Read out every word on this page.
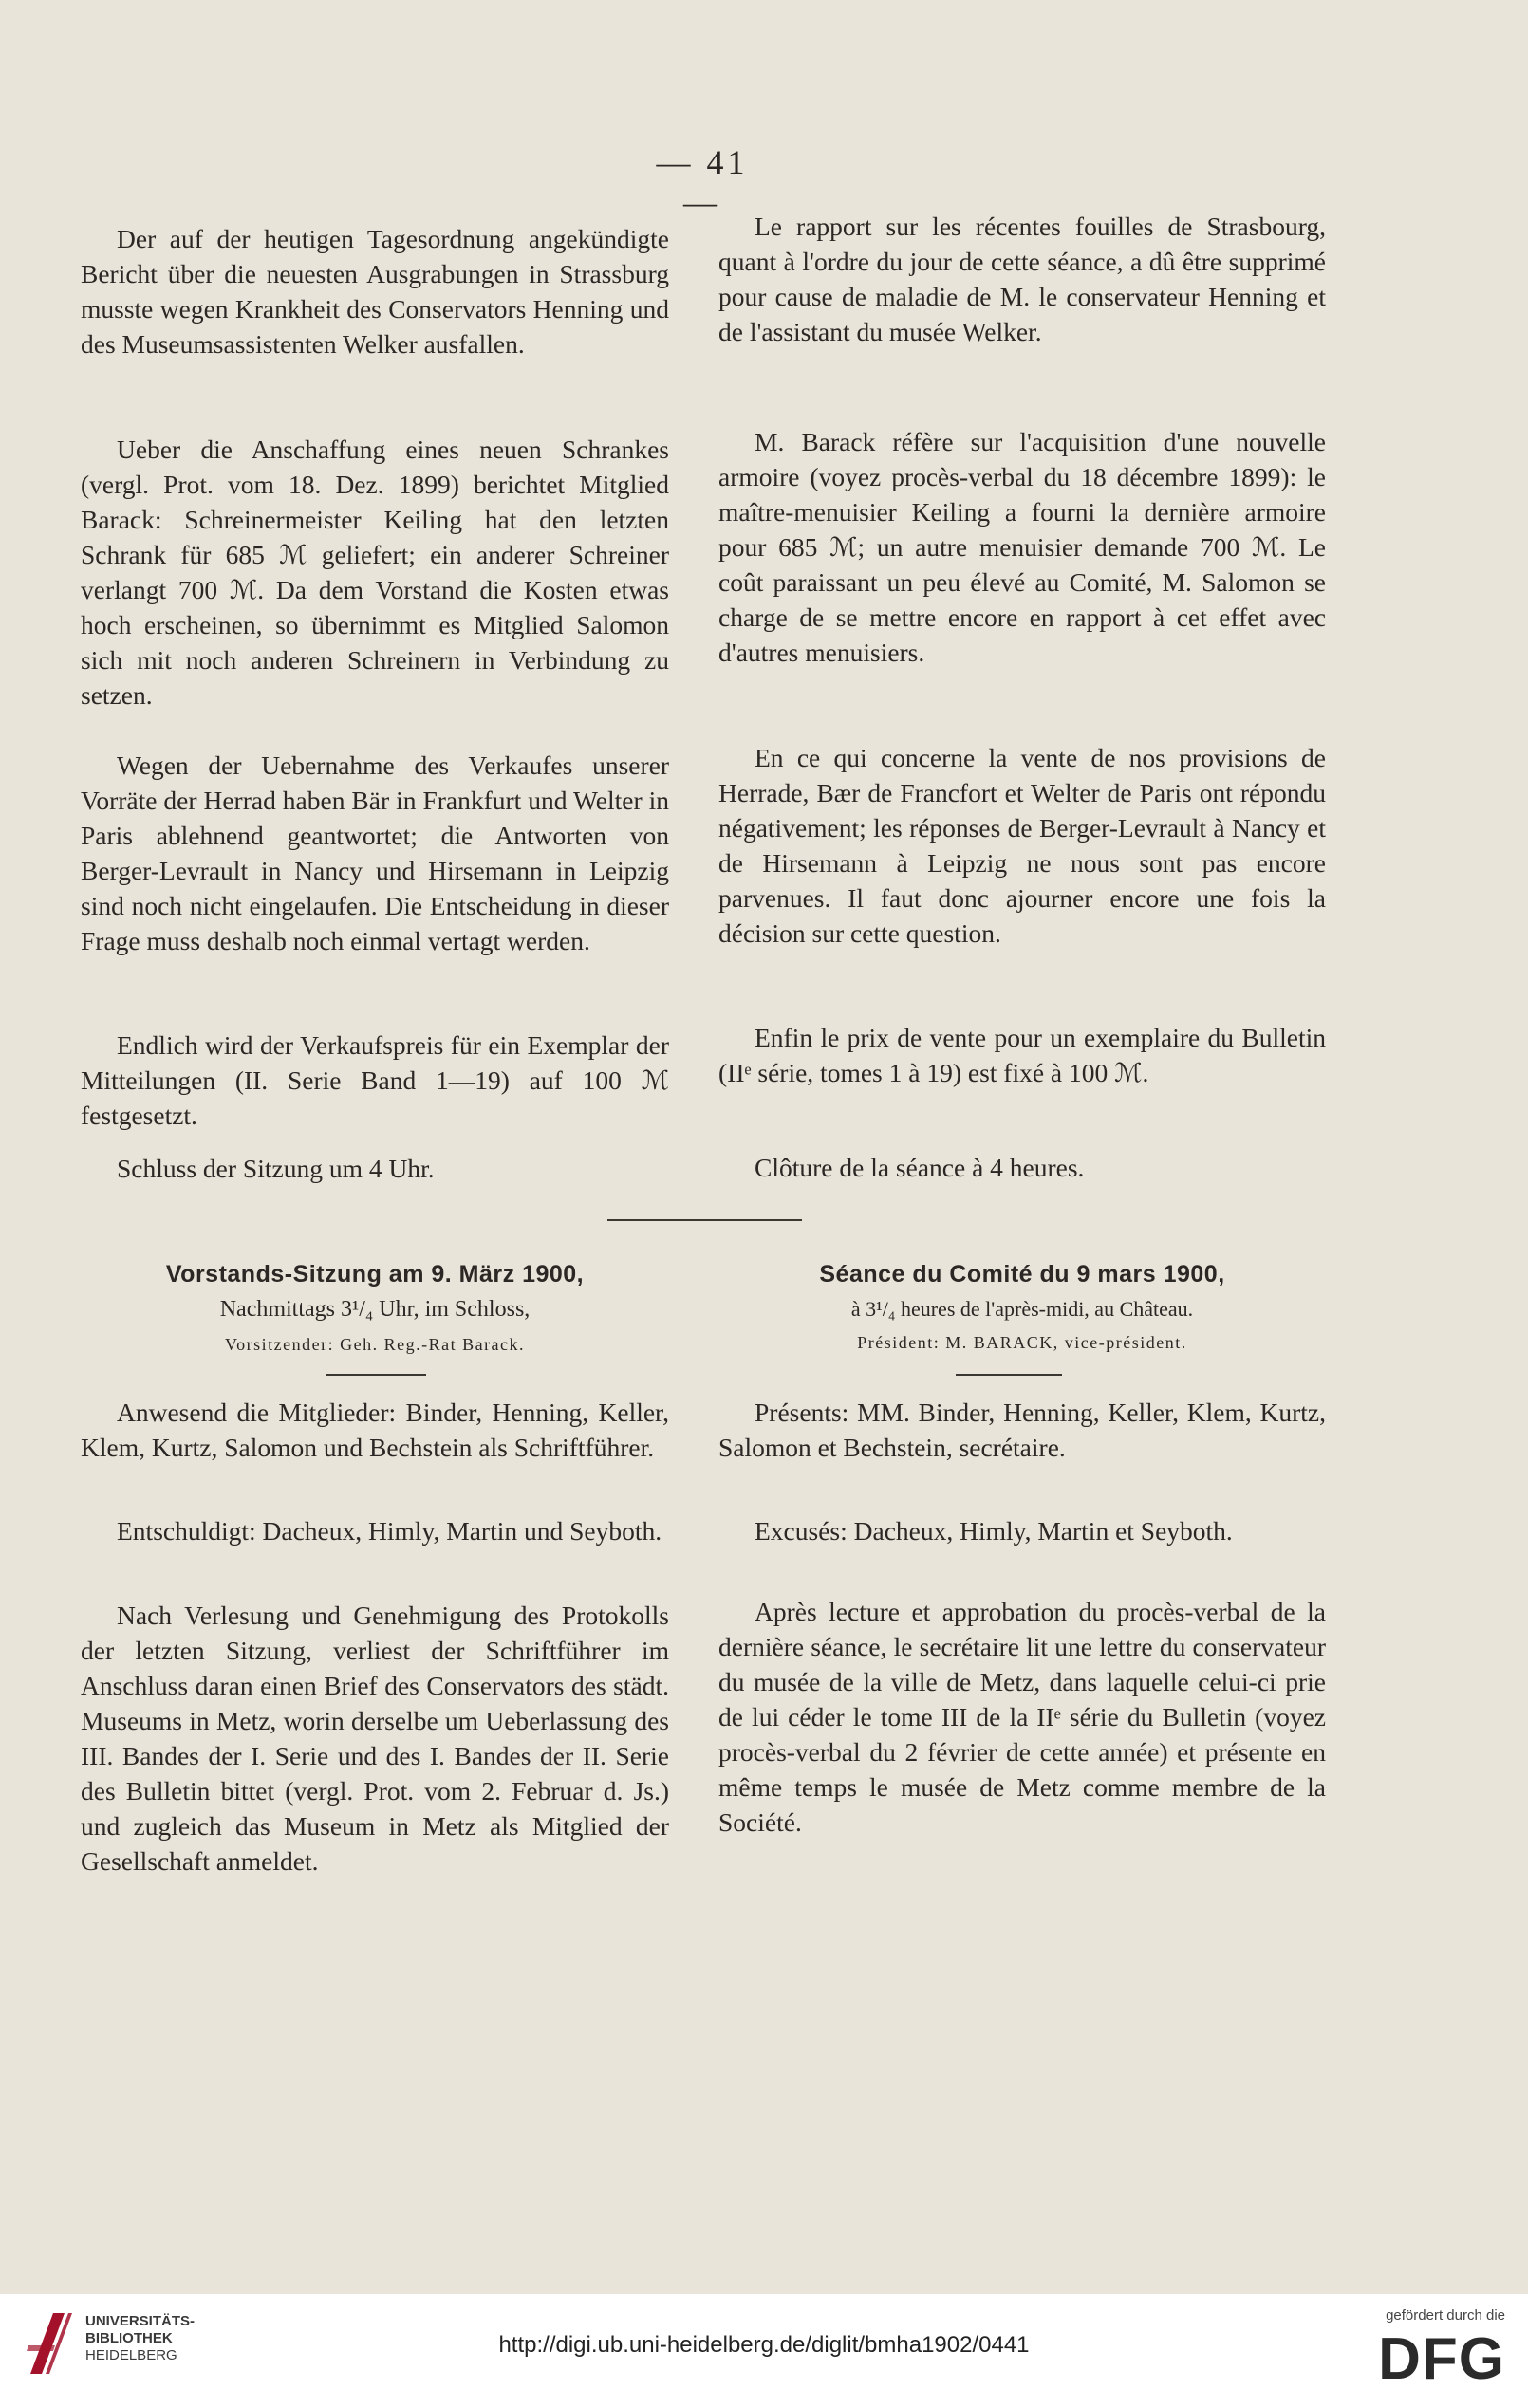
— 41 —

Der auf der heutigen Tagesordnung angekündigte Bericht über die neuesten Ausgrabungen in Strassburg musste wegen Krankheit des Conservators Henning und des Museumsassistenten Welker ausfallen.

Ueber die Anschaffung eines neuen Schrankes (vergl. Prot. vom 18. Dez. 1899) berichtet Mitglied Barack: Schreinermeister Keiling hat den letzten Schrank für 685 ℳ geliefert; ein anderer Schreiner verlangt 700 ℳ. Da dem Vorstand die Kosten etwas hoch erscheinen, so übernimmt es Mitglied Salomon sich mit noch anderen Schreinern in Verbindung zu setzen.

Wegen der Uebernahme des Verkaufes unserer Vorräte der Herrad haben Bär in Frankfurt und Welter in Paris ablehnend geantwortet; die Antworten von Berger-Levrault in Nancy und Hirsemann in Leipzig sind noch nicht eingelaufen. Die Entscheidung in dieser Frage muss deshalb noch einmal vertagt werden.

Endlich wird der Verkaufspreis für ein Exemplar der Mitteilungen (II. Serie Band 1—19) auf 100 ℳ festgesetzt.

Schluss der Sitzung um 4 Uhr.

Vorstands-Sitzung am 9. März 1900,
Nachmittags 3¹/₄ Uhr, im Schloss,
Vorsitzender: Geh. Reg.-Rat Barack.

Anwesend die Mitglieder: Binder, Henning, Keller, Klem, Kurtz, Salomon und Bechstein als Schriftführer.

Entschuldigt: Dacheux, Himly, Martin und Seyboth.

Nach Verlesung und Genehmigung des Protokolls der letzten Sitzung, verliest der Schriftführer im Anschluss daran einen Brief des Conservators des städt. Museums in Metz, worin derselbe um Ueberlassung des III. Bandes der I. Serie und des I. Bandes der II. Serie des Bulletin bittet (vergl. Prot. vom 2. Februar d. Js.) und zugleich das Museum in Metz als Mitglied der Gesellschaft anmeldet.

Le rapport sur les récentes fouilles de Strasbourg, quant à l'ordre du jour de cette séance, a dû être supprimé pour cause de maladie de M. le conservateur Henning et de l'assistant du musée Welker.

M. Barack réfère sur l'acquisition d'une nouvelle armoire (voyez procès-verbal du 18 décembre 1899): le maître-menuisier Keiling a fourni la dernière armoire pour 685 ℳ; un autre menuisier demande 700 ℳ. Le coût paraissant un peu élevé au Comité, M. Salomon se charge de se mettre encore en rapport à cet effet avec d'autres menuisiers.

En ce qui concerne la vente de nos provisions de Herrade, Bær de Francfort et Welter de Paris ont répondu négativement; les réponses de Berger-Levrault à Nancy et de Hirsemann à Leipzig ne nous sont pas encore parvenues. Il faut donc ajourner encore une fois la décision sur cette question.

Enfin le prix de vente pour un exemplaire du Bulletin (IIᵉ série, tomes 1 à 19) est fixé à 100 ℳ.

Clôture de la séance à 4 heures.

Séance du Comité du 9 mars 1900,
à 3¹/₄ heures de l'après-midi, au Château.
Président: M. BARACK, vice-président.

Présents: MM. Binder, Henning, Keller, Klem, Kurtz, Salomon et Bechstein, secrétaire.

Excusés: Dacheux, Himly, Martin et Seyboth.

Après lecture et approbation du procès-verbal de la dernière séance, le secrétaire lit une lettre du conservateur du musée de la ville de Metz, dans laquelle celui-ci prie de lui céder le tome III de la IIᵉ série du Bulletin (voyez procès-verbal du 2 février de cette année) et présente en même temps le musée de Metz comme membre de la Société.

UNIVERSITÄTS-
BIBLIOTHEK
HEIDELBERG	http://digi.ub.uni-heidelberg.de/diglit/bmha1902/0441
gefördert durch die
DFG
